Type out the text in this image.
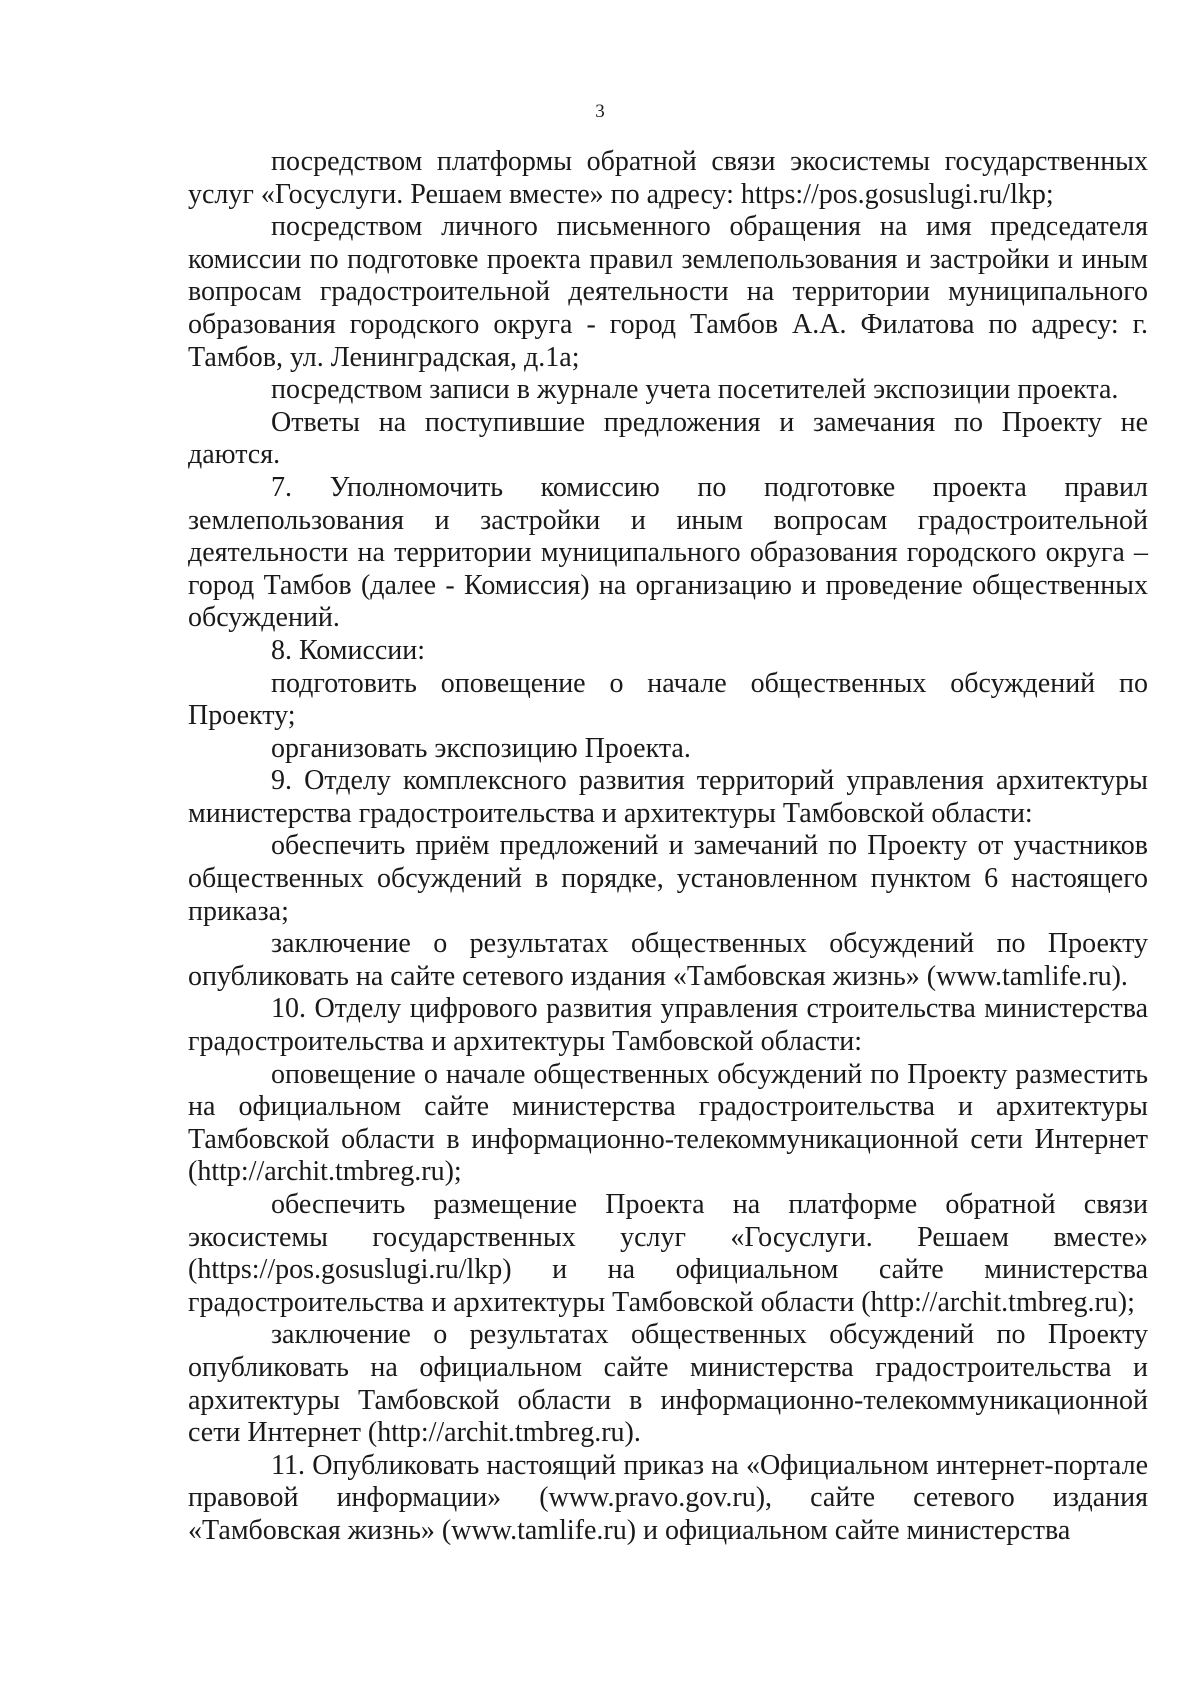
3

посредством платформы обратной связи экосистемы государственных услуг «Госуслуги. Решаем вместе» по адресу: https://pos.gosuslugi.ru/lkp;

посредством личного письменного обращения на имя председателя комиссии по подготовке проекта правил землепользования и застройки и иным вопросам градостроительной деятельности на территории муниципального образования городского округа - город Тамбов А.А. Филатова по адресу: г. Тамбов, ул. Ленинградская, д.1а;

посредством записи в журнале учета посетителей экспозиции проекта.

Ответы на поступившие предложения и замечания по Проекту не даются.

7. Уполномочить комиссию по подготовке проекта правил землепользования и застройки и иным вопросам градостроительной деятельности на территории муниципального образования городского округа – город Тамбов (далее - Комиссия) на организацию и проведение общественных обсуждений.

8. Комиссии:

подготовить оповещение о начале общественных обсуждений по Проекту;

организовать экспозицию Проекта.

9. Отделу комплексного развития территорий управления архитектуры министерства градостроительства и архитектуры Тамбовской области:

обеспечить приём предложений и замечаний по Проекту от участников общественных обсуждений в порядке, установленном пунктом 6 настоящего приказа;

заключение о результатах общественных обсуждений по Проекту опубликовать на сайте сетевого издания «Тамбовская жизнь» (www.tamlife.ru).

10. Отделу цифрового развития управления строительства министерства градостроительства и архитектуры Тамбовской области:

оповещение о начале общественных обсуждений по Проекту разместить на официальном сайте министерства градостроительства и архитектуры Тамбовской области в информационно-телекоммуникационной сети Интернет (http://archit.tmbreg.ru);

обеспечить размещение Проекта на платформе обратной связи экосистемы государственных услуг «Госуслуги. Решаем вместе» (https://pos.gosuslugi.ru/lkp) и на официальном сайте министерства градостроительства и архитектуры Тамбовской области (http://archit.tmbreg.ru);

заключение о результатах общественных обсуждений по Проекту опубликовать на официальном сайте министерства градостроительства и архитектуры Тамбовской области в информационно-телекоммуникационной сети Интернет (http://archit.tmbreg.ru).

11. Опубликовать настоящий приказ на «Официальном интернет-портале правовой информации» (www.pravo.gov.ru), сайте сетевого издания «Тамбовская жизнь» (www.tamlife.ru) и официальном сайте министерства
